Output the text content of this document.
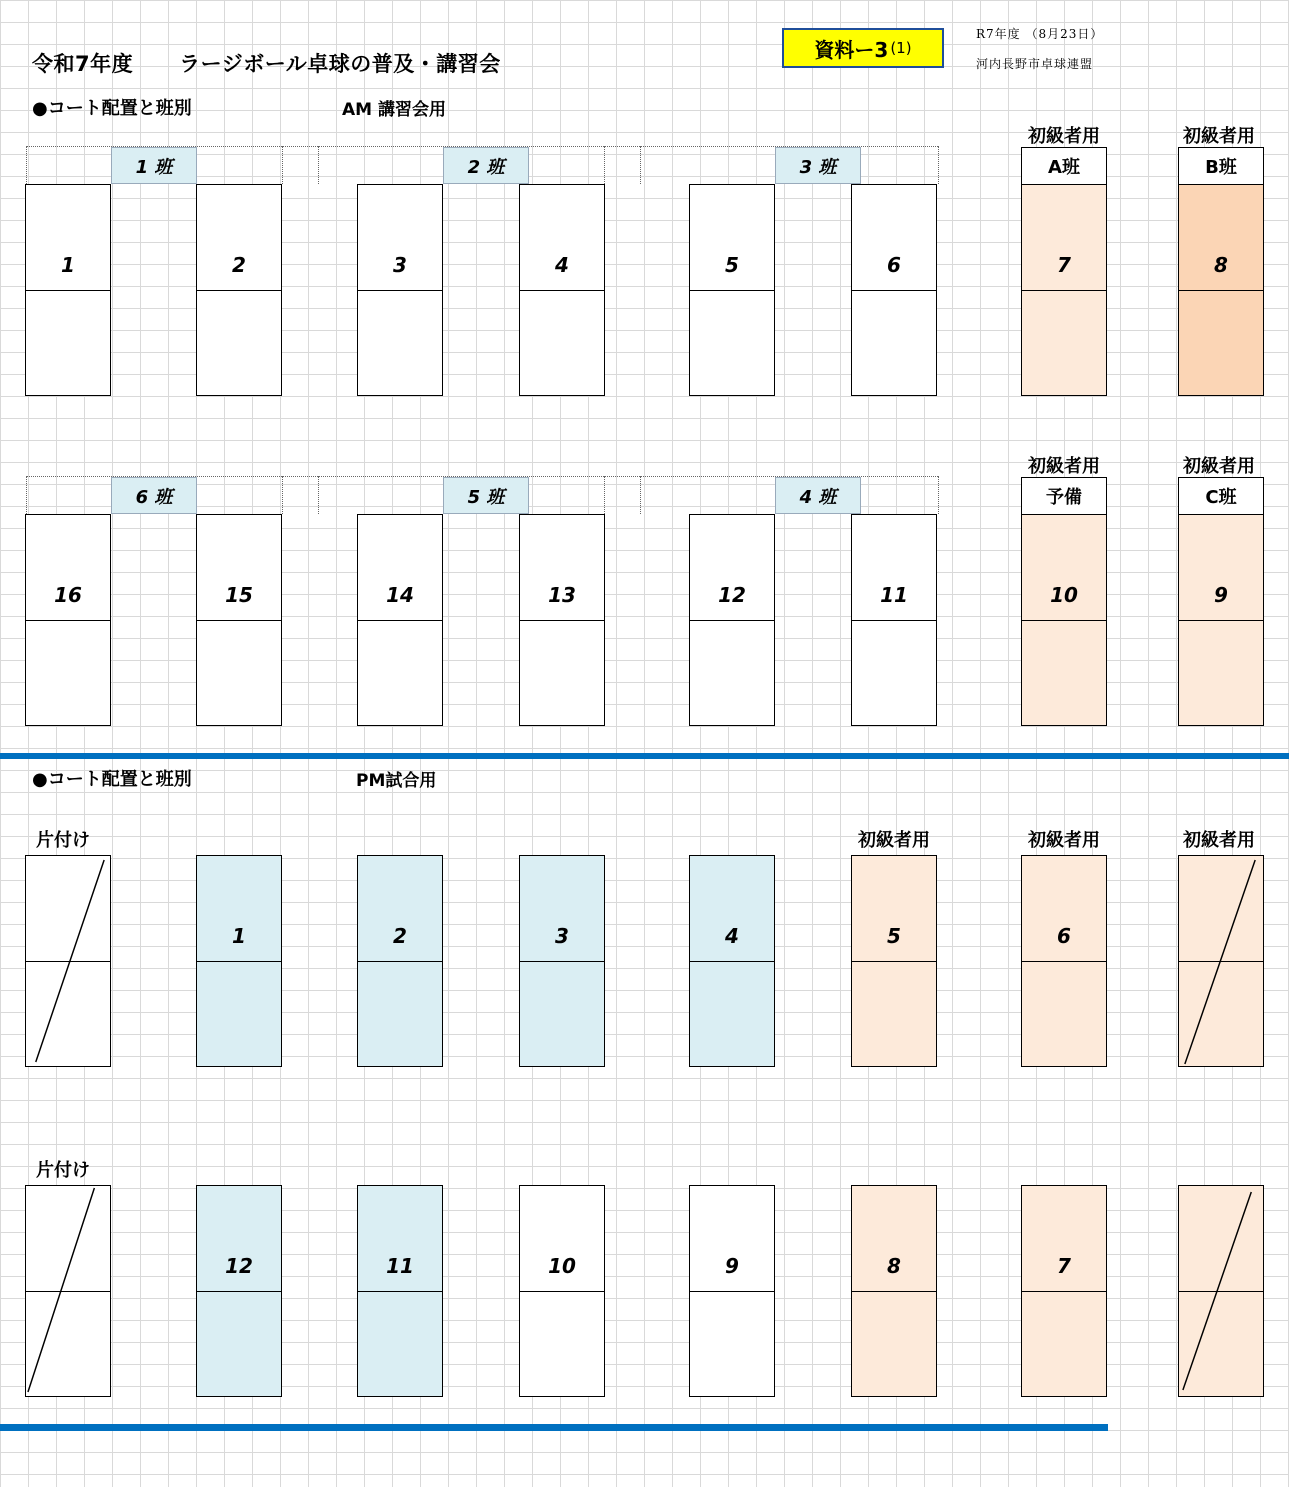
令和7年度 ラージボール卓球の普及・講習会
資料ー3 (1)
R7年度 （8月23日）
河内長野市卓球連盟
●コート配置と班別	AM 講習会用
1 班	2 班	3 班
初級者用	初級者用
A班	B班
1	2	3	4	5	6	7	8
6 班	5 班	4 班
初級者用	初級者用
予備	C班
16	15	14	13	12	11	10	9
●コート配置と班別	PM試合用
片付け	初級者用	初級者用	初級者用
1	2	3	4	5	6
片付け
12	11	10	9	8	7
